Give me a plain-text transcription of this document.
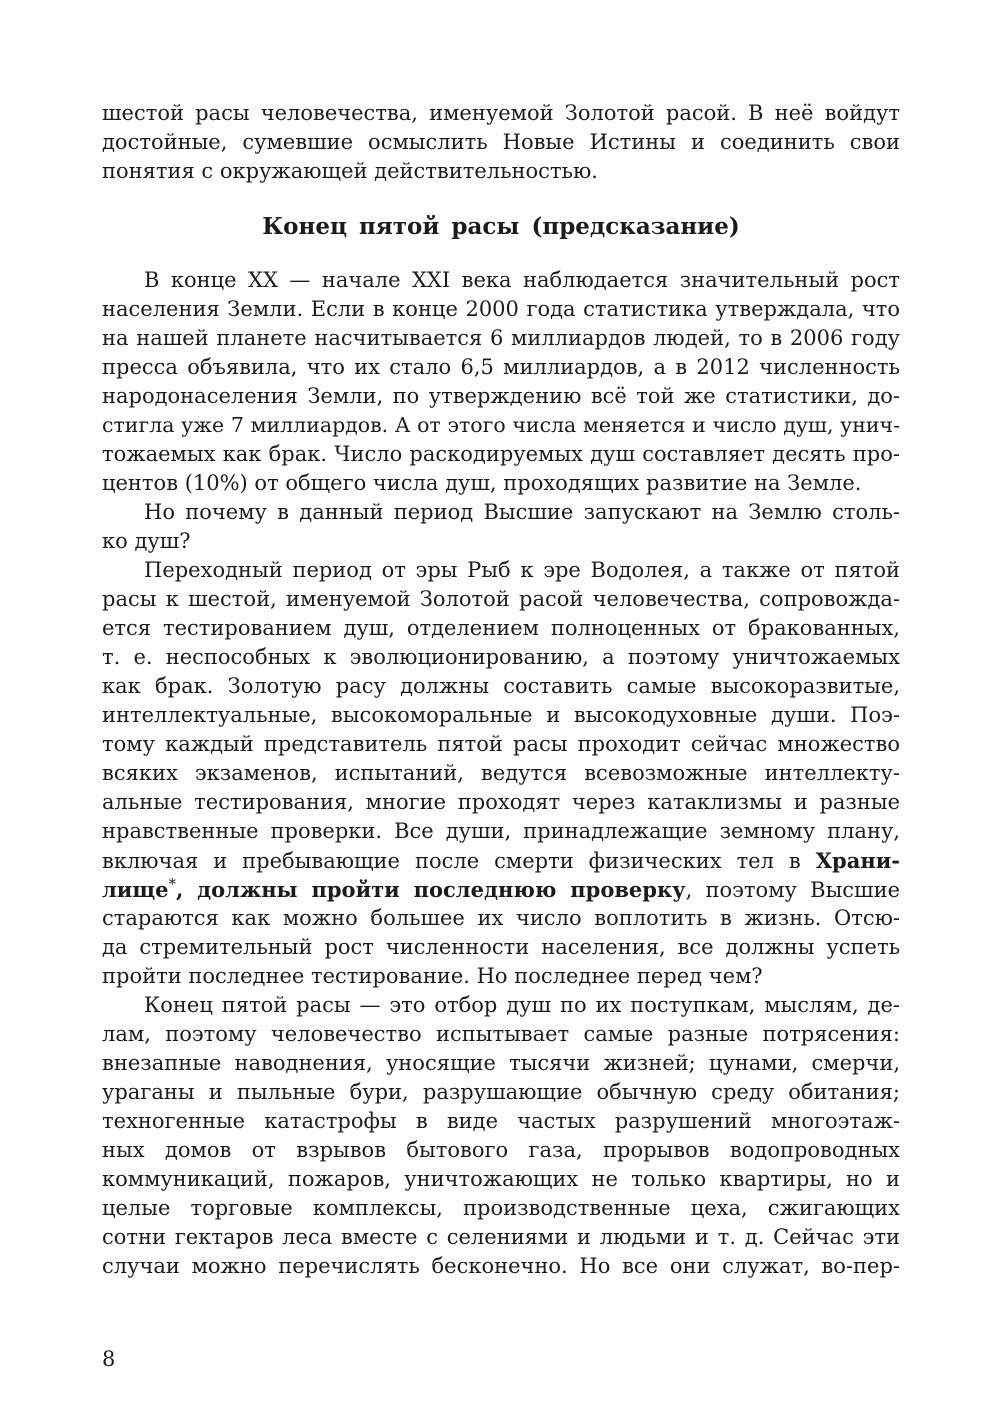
шестой расы человечества, именуемой Золотой расой. В неё войдут
достойные, сумевшие осмыслить Новые Истины и соединить свои
понятия с окружающей действительностью.
Конец пятой расы (предсказание)
В конце XX — начале XXI века наблюдается значительный рост
населения Земли. Если в конце 2000 года статистика утверждала, что
на нашей планете насчитывается 6 миллиардов людей, то в 2006 году
пресса объявила, что их стало 6,5 миллиардов, а в 2012 численность
народонаселения Земли, по утверждению всё той же статистики, до-
стигла уже 7 миллиардов. А от этого числа меняется и число душ, унич-
тожаемых как брак. Число раскодируемых душ составляет десять про-
центов (10%) от общего числа душ, проходящих развитие на Земле.
Но почему в данный период Высшие запускают на Землю столь-
ко душ?
Переходный период от эры Рыб к эре Водолея, а также от пятой
расы к шестой, именуемой Золотой расой человечества, сопровожда-
ется тестированием душ, отделением полноценных от бракованных,
т. е. неспособных к эволюционированию, а поэтому уничтожаемых
как брак. Золотую расу должны составить самые высокоразвитые,
интеллектуальные, высокоморальные и высокодуховные души. Поэ-
тому каждый представитель пятой расы проходит сейчас множество
всяких экзаменов, испытаний, ведутся всевозможные интеллекту-
альные тестирования, многие проходят через катаклизмы и разные
нравственные проверки. Все души, принадлежащие земному плану,
включая и пребывающие после смерти физических тел в Храни-
лище*, должны пройти последнюю проверку, поэтому Высшие
стараются как можно большее их число воплотить в жизнь. Отсю-
да стремительный рост численности населения, все должны успеть
пройти последнее тестирование. Но последнее перед чем?
Конец пятой расы — это отбор душ по их поступкам, мыслям, де-
лам, поэтому человечество испытывает самые разные потрясения:
внезапные наводнения, уносящие тысячи жизней; цунами, смерчи,
ураганы и пыльные бури, разрушающие обычную среду обитания;
техногенные катастрофы в виде частых разрушений многоэтаж-
ных домов от взрывов бытового газа, прорывов водопроводных
коммуникаций, пожаров, уничтожающих не только квартиры, но и
целые торговые комплексы, производственные цеха, сжигающих
сотни гектаров леса вместе с селениями и людьми и т. д. Сейчас эти
случаи можно перечислять бесконечно. Но все они служат, во-пер-
8
